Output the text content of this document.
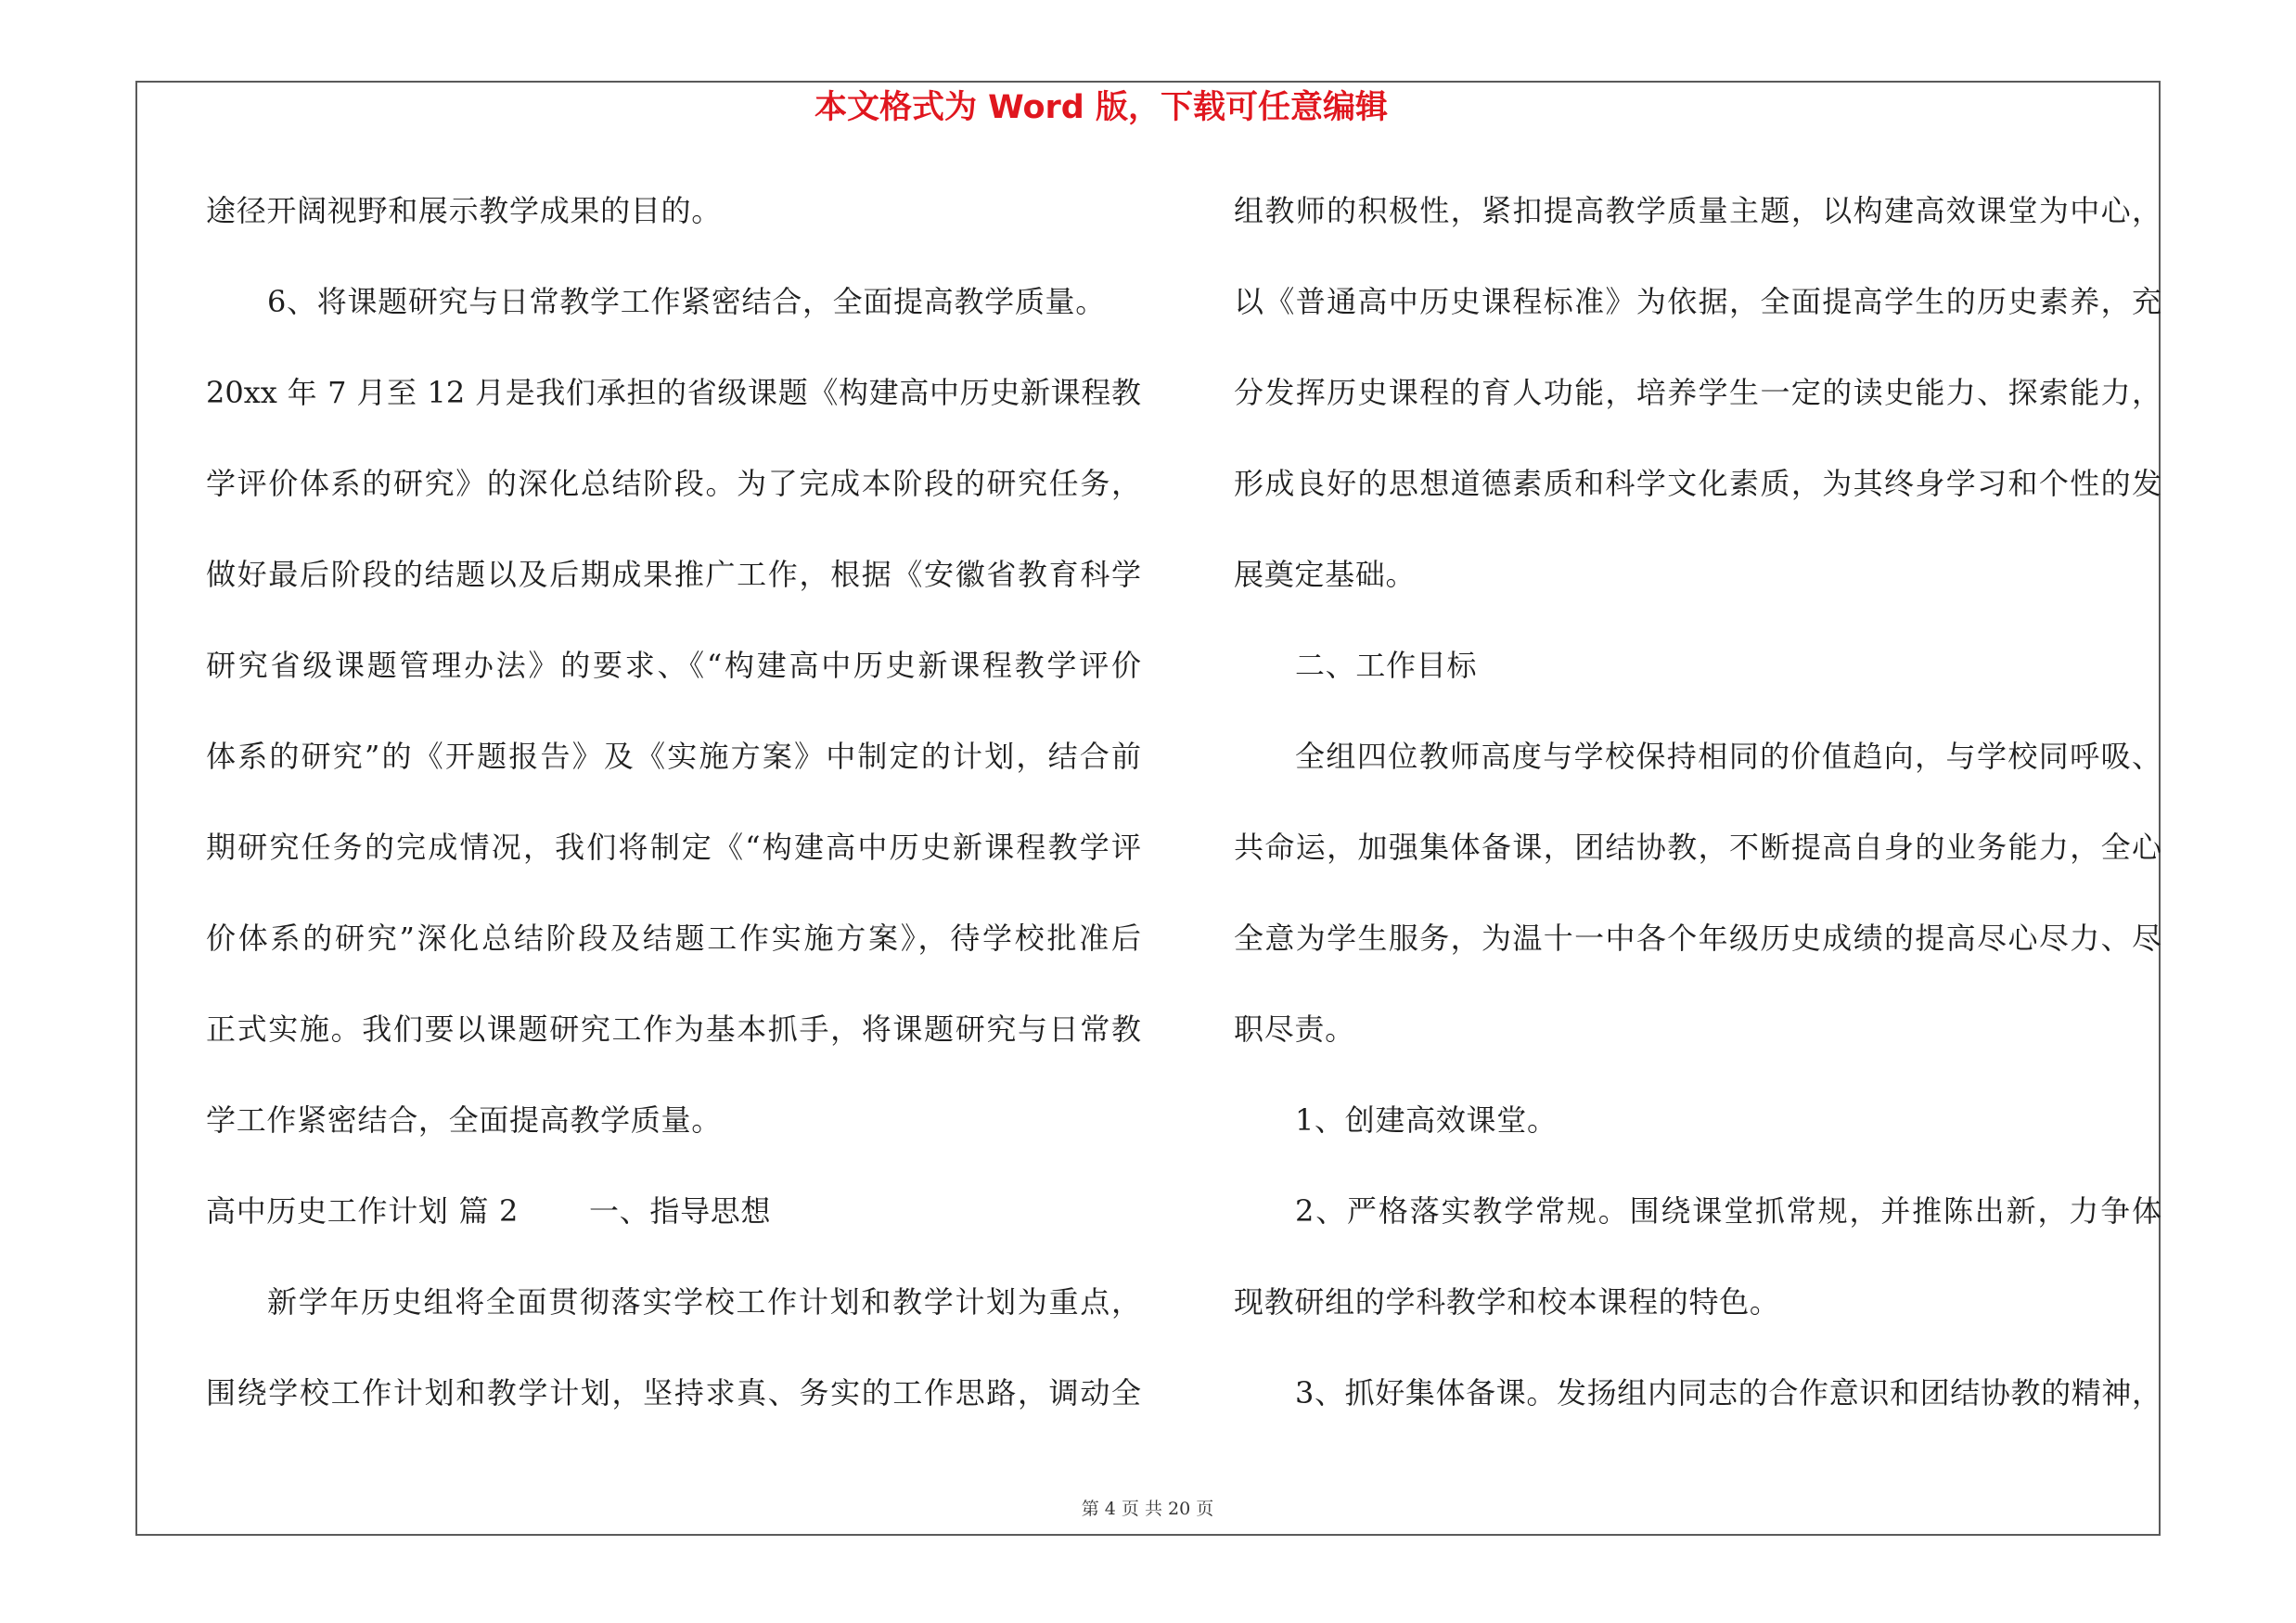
本文格式为 Word 版，下载可任意编辑
途径开阔视野和展示教学成果的目的。
6、将课题研究与日常教学工作紧密结合，全面提高教学质量。
20xx 年 7 月至 12 月是我们承担的省级课题《构建高中历史新课程教
学评价体系的研究》的深化总结阶段。为了完成本阶段的研究任务，
做好最后阶段的结题以及后期成果推广工作，根据《安徽省教育科学
研究省级课题管理办法》的要求、《“构建高中历史新课程教学评价
体系的研究”的《开题报告》及《实施方案》中制定的计划，结合前
期研究任务的完成情况，我们将制定《“构建高中历史新课程教学评
价体系的研究”深化总结阶段及结题工作实施方案》，待学校批准后
正式实施。我们要以课题研究工作为基本抓手，将课题研究与日常教
学工作紧密结合，全面提高教学质量。
高中历史工作计划 篇 2 一、指导思想
新学年历史组将全面贯彻落实学校工作计划和教学计划为重点，
围绕学校工作计划和教学计划，坚持求真、务实的工作思路，调动全
组教师的积极性，紧扣提高教学质量主题，以构建高效课堂为中心，
以《普通高中历史课程标准》为依据，全面提高学生的历史素养，充
分发挥历史课程的育人功能，培养学生一定的读史能力、探索能力，
形成良好的思想道德素质和科学文化素质，为其终身学习和个性的发
展奠定基础。
二、工作目标
全组四位教师高度与学校保持相同的价值趋向，与学校同呼吸、
共命运，加强集体备课，团结协教，不断提高自身的业务能力，全心
全意为学生服务，为温十一中各个年级历史成绩的提高尽心尽力、尽
职尽责。
1、创建高效课堂。
2、严格落实教学常规。围绕课堂抓常规，并推陈出新，力争体
现教研组的学科教学和校本课程的特色。
3、抓好集体备课。发扬组内同志的合作意识和团结协教的精神，
第 4 页 共 20 页
